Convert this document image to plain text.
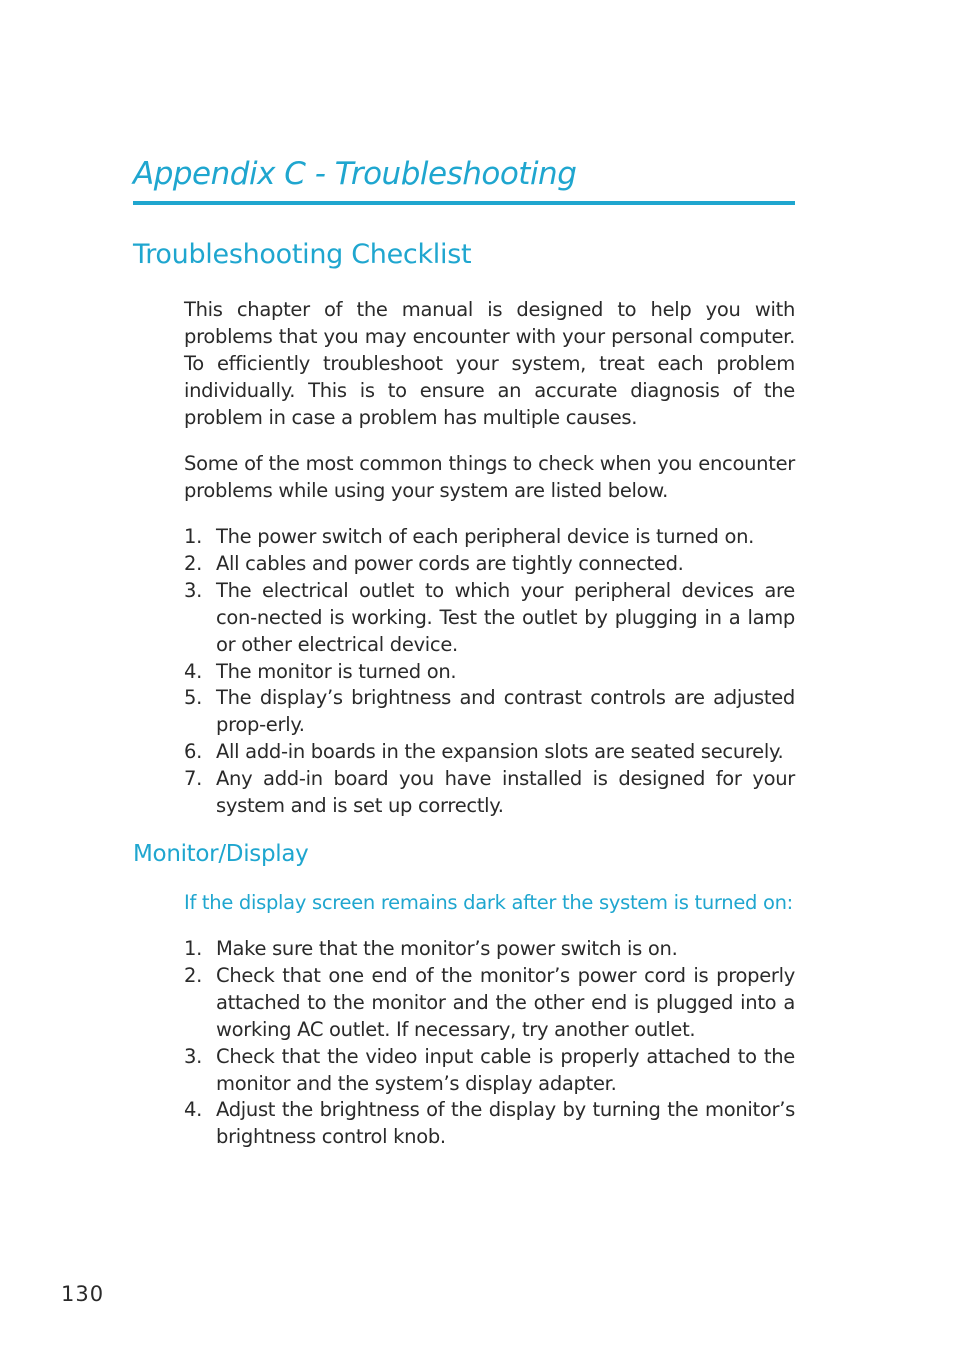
Appendix C - Troubleshooting
Troubleshooting Checklist

This chapter of the manual is designed to help you with problems that you may encounter with your personal computer. To efficiently troubleshoot your system, treat each problem individually. This is to ensure an accurate diagnosis of the problem in case a problem has multiple causes.

Some of the most common things to check when you encounter problems while using your system are listed below.

1. The power switch of each peripheral device is turned on.
2. All cables and power cords are tightly connected.
3. The electrical outlet to which your peripheral devices are con-nected is working. Test the outlet by plugging in a lamp or other electrical device.
4. The monitor is turned on.
5. The display’s brightness and contrast controls are adjusted prop-erly.
6. All add-in boards in the expansion slots are seated securely.
7. Any add-in board you have installed is designed for your system and is set up correctly.
Monitor/Display

If the display screen remains dark after the system is turned on:

1. Make sure that the monitor’s power switch is on.
2. Check that one end of the monitor’s power cord is properly attached to the monitor and the other end is plugged into a working AC outlet. If necessary, try another outlet.
3. Check that the video input cable is properly attached to the monitor and the system’s display adapter.
4. Adjust the brightness of the display by turning the monitor’s brightness control knob.
130
